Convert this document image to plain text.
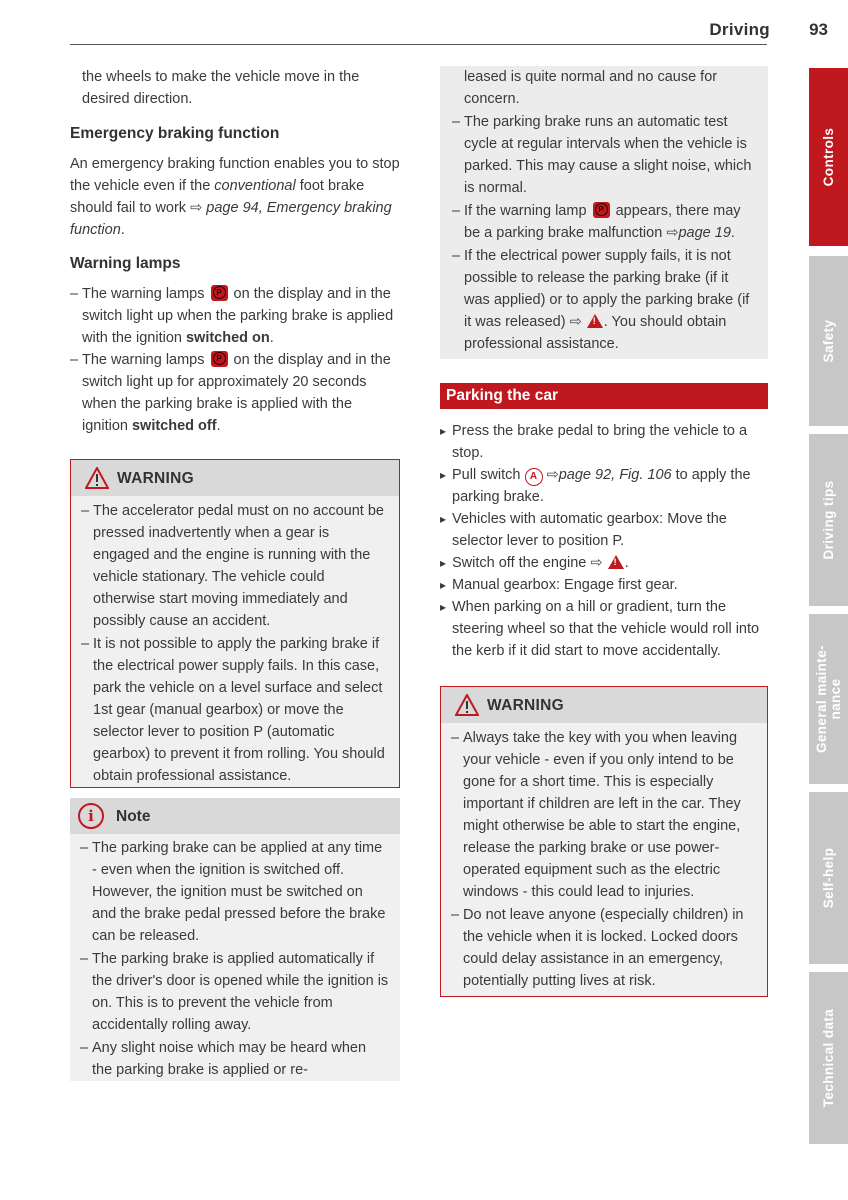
Driving	93

the wheels to make the vehicle move in the desired direction.

Emergency braking function

An emergency braking function enables you to stop the vehicle even if the conventional foot brake should fail to work ⇨ page 94, Emergency braking function.

Warning lamps

– The warning lamps P on the display and in the switch light up when the parking brake is applied with the ignition switched on.

– The warning lamps P on the display and in the switch light up for approximately 20 seconds when the parking brake is applied with the ignition switched off.

WARNING

– The accelerator pedal must on no account be pressed inadvertently when a gear is engaged and the engine is running with the vehicle stationary. The vehicle could otherwise start moving immediately and possibly cause an accident.

– It is not possible to apply the parking brake if the electrical power supply fails. In this case, park the vehicle on a level surface and select 1st gear (manual gearbox) or move the selector lever to position P (automatic gearbox) to prevent it from rolling. You should obtain professional assistance.

i	Note

– The parking brake can be applied at any time - even when the ignition is switched off. However, the ignition must be switched on and the brake pedal pressed before the brake can be released.

– The parking brake is applied automatically if the driver's door is opened while the ignition is on. This is to prevent the vehicle from accidentally rolling away.

– Any slight noise which may be heard when the parking brake is applied or re-

leased is quite normal and no cause for concern.

– The parking brake runs an automatic test cycle at regular intervals when the vehicle is parked. This may cause a slight noise, which is normal.

– If the warning lamp P appears, there may be a parking brake malfunction ⇨page 19.

– If the electrical power supply fails, it is not possible to release the parking brake (if it was applied) or to apply the parking brake (if it was released) ⇨ ! . You should obtain professional assistance.

Parking the car

▸ Press the brake pedal to bring the vehicle to a stop.

▸ Pull switch A ⇨page 92, Fig. 106 to apply the parking brake.

▸ Vehicles with automatic gearbox: Move the selector lever to position P.

▸ Switch off the engine ⇨ ! .

▸ Manual gearbox: Engage first gear.

▸ When parking on a hill or gradient, turn the steering wheel so that the vehicle would roll into the kerb if it did start to move accidentally.

WARNING

– Always take the key with you when leaving your vehicle - even if you only intend to be gone for a short time. This is especially important if children are left in the car. They might otherwise be able to start the engine, release the parking brake or use power-operated equipment such as the electric windows - this could lead to injuries.

– Do not leave anyone (especially children) in the vehicle when it is locked. Locked doors could delay assistance in an emergency, potentially putting lives at risk.

Controls
Safety
Driving tips
General mainte- nance
Self-help
Technical data
